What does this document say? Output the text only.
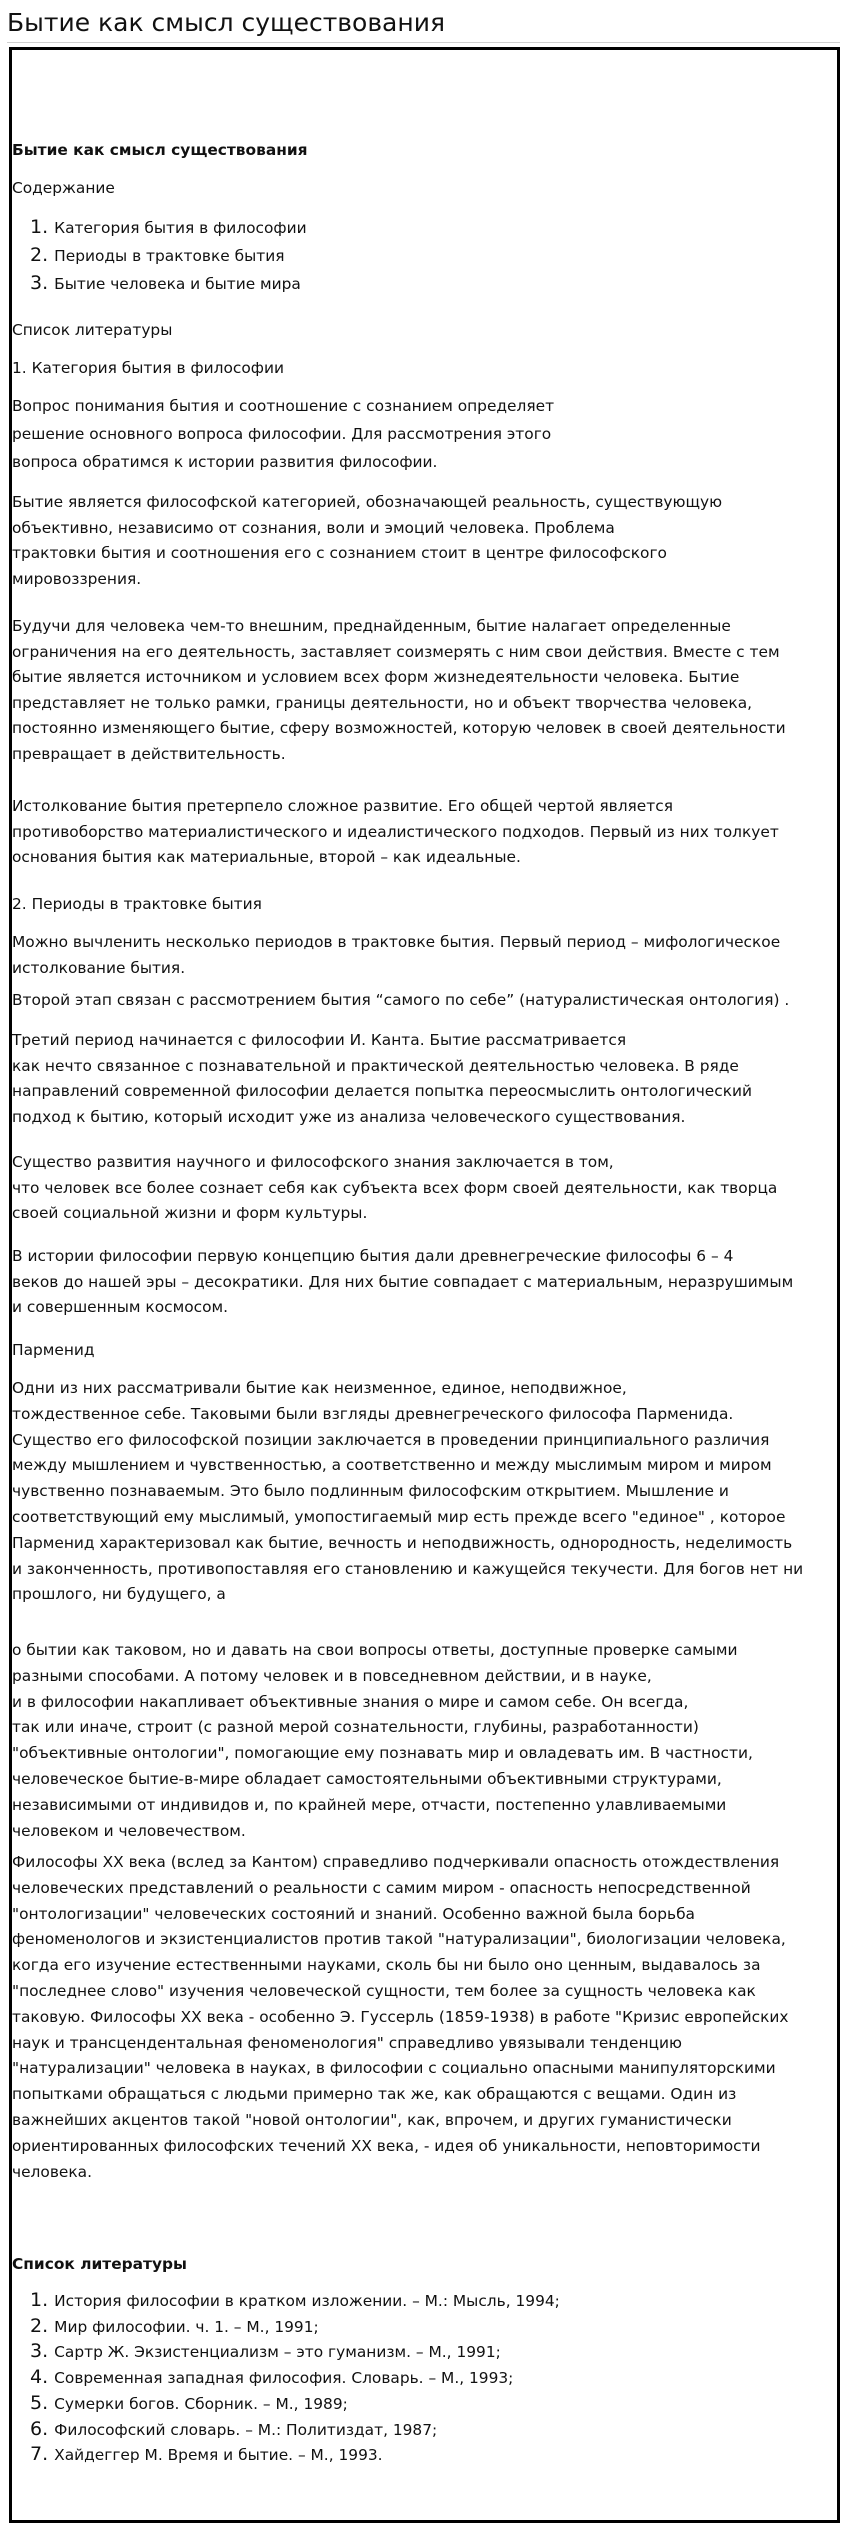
Бытие как смысл существования
Бытие как смысл существования
Содержание
1. Категория бытия в философии
2. Периоды в трактовке бытия
3. Бытие человека и бытие мира
Список литературы
1. Категория бытия в философии
Вопрос понимания бытия и соотношение с сознанием определяет
решение основного вопроса философии. Для рассмотрения этого
вопроса обратимся к истории развития философии.
Бытие является философской категорией, обозначающей реальность, существующую
объективно, независимо от сознания, воли и эмоций человека. Проблема
трактовки бытия и соотношения его с сознанием стоит в центре философского
мировоззрения.
Будучи для человека чем-то внешним, преднайденным, бытие налагает определенные
ограничения на его деятельность, заставляет соизмерять с ним свои действия. Вместе с тем
бытие является источником и условием всех форм жизнедеятельности человека. Бытие
представляет не только рамки, границы деятельности, но и объект творчества человека,
постоянно изменяющего бытие, сферу возможностей, которую человек в своей деятельности
превращает в действительность.
Истолкование бытия претерпело сложное развитие. Его общей чертой является
противоборство материалистического и идеалистического подходов. Первый из них толкует
основания бытия как материальные, второй – как идеальные.
2. Периоды в трактовке бытия
Можно вычленить несколько периодов в трактовке бытия. Первый период – мифологическое
истолкование бытия.
Второй этап связан с рассмотрением бытия “самого по себе” (натуралистическая онтология) .
Третий период начинается с философии И. Канта. Бытие рассматривается
как нечто связанное с познавательной и практической деятельностью человека. В ряде
направлений современной философии делается попытка переосмыслить онтологический
подход к бытию, который исходит уже из анализа человеческого существования.
Существо развития научного и философского знания заключается в том,
что человек все более сознает себя как субъекта всех форм своей деятельности, как творца
своей социальной жизни и форм культуры.
В истории философии первую концепцию бытия дали древнегреческие философы 6 – 4
веков до нашей эры – десократики. Для них бытие совпадает с материальным, неразрушимым
и совершенным космосом.
Парменид
Одни из них рассматривали бытие как неизменное, единое, неподвижное,
тождественное себе. Таковыми были взгляды древнегреческого философа Парменида.
Существо его философской позиции заключается в проведении принципиального различия
между мышлением и чувственностью, а соответственно и между мыслимым миром и миром
чувственно познаваемым. Это было подлинным философским открытием. Мышление и
соответствующий ему мыслимый, умопостигаемый мир есть прежде всего "единое" , которое
Парменид характеризовал как бытие, вечность и неподвижность, однородность, неделимость
и законченность, противопоставляя его становлению и кажущейся текучести. Для богов нет ни
прошлого, ни будущего, а
о бытии как таковом, но и давать на свои вопросы ответы, доступные проверке самыми
разными способами. А потому человек и в повседневном действии, и в науке,
и в философии накапливает объективные знания о мире и самом себе. Он всегда,
так или иначе, строит (с разной мерой сознательности, глубины, разработанности)
"объективные онтологии", помогающие ему познавать мир и овладевать им. В частности,
человеческое бытие-в-мире обладает самостоятельными объективными структурами,
независимыми от индивидов и, по крайней мере, отчасти, постепенно улавливаемыми
человеком и человечеством.
Философы XX века (вслед за Кантом) справедливо подчеркивали опасность отождествления
человеческих представлений о реальности с самим миром - опасность непосредственной
"онтологизации" человеческих состояний и знаний. Особенно важной была борьба
феноменологов и экзистенциалистов против такой "натурализации", биологизации человека,
когда его изучение естественными науками, сколь бы ни было оно ценным, выдавалось за
"последнее слово" изучения человеческой сущности, тем более за сущность человека как
таковую. Философы XX века - особенно Э. Гуссерль (1859-1938) в работе "Кризис европейских
наук и трансцендентальная феноменология" справедливо увязывали тенденцию
"натурализации" человека в науках, в философии с социально опасными манипуляторскими
попытками обращаться с людьми примерно так же, как обращаются с вещами. Один из
важнейших акцентов такой "новой онтологии", как, впрочем, и других гуманистически
ориентированных философских течений XX века, - идея об уникальности, неповторимости
человека.
Список литературы
1. История философии в кратком изложении. – М.: Мысль, 1994;
2. Мир философии. ч. 1. – М., 1991;
3. Сартр Ж. Экзистенциализм – это гуманизм. – М., 1991;
4. Современная западная философия. Словарь. – М., 1993;
5. Сумерки богов. Сборник. – М., 1989;
6. Философский словарь. – М.: Политиздат, 1987;
7. Хайдеггер М. Время и бытие. – М., 1993.
